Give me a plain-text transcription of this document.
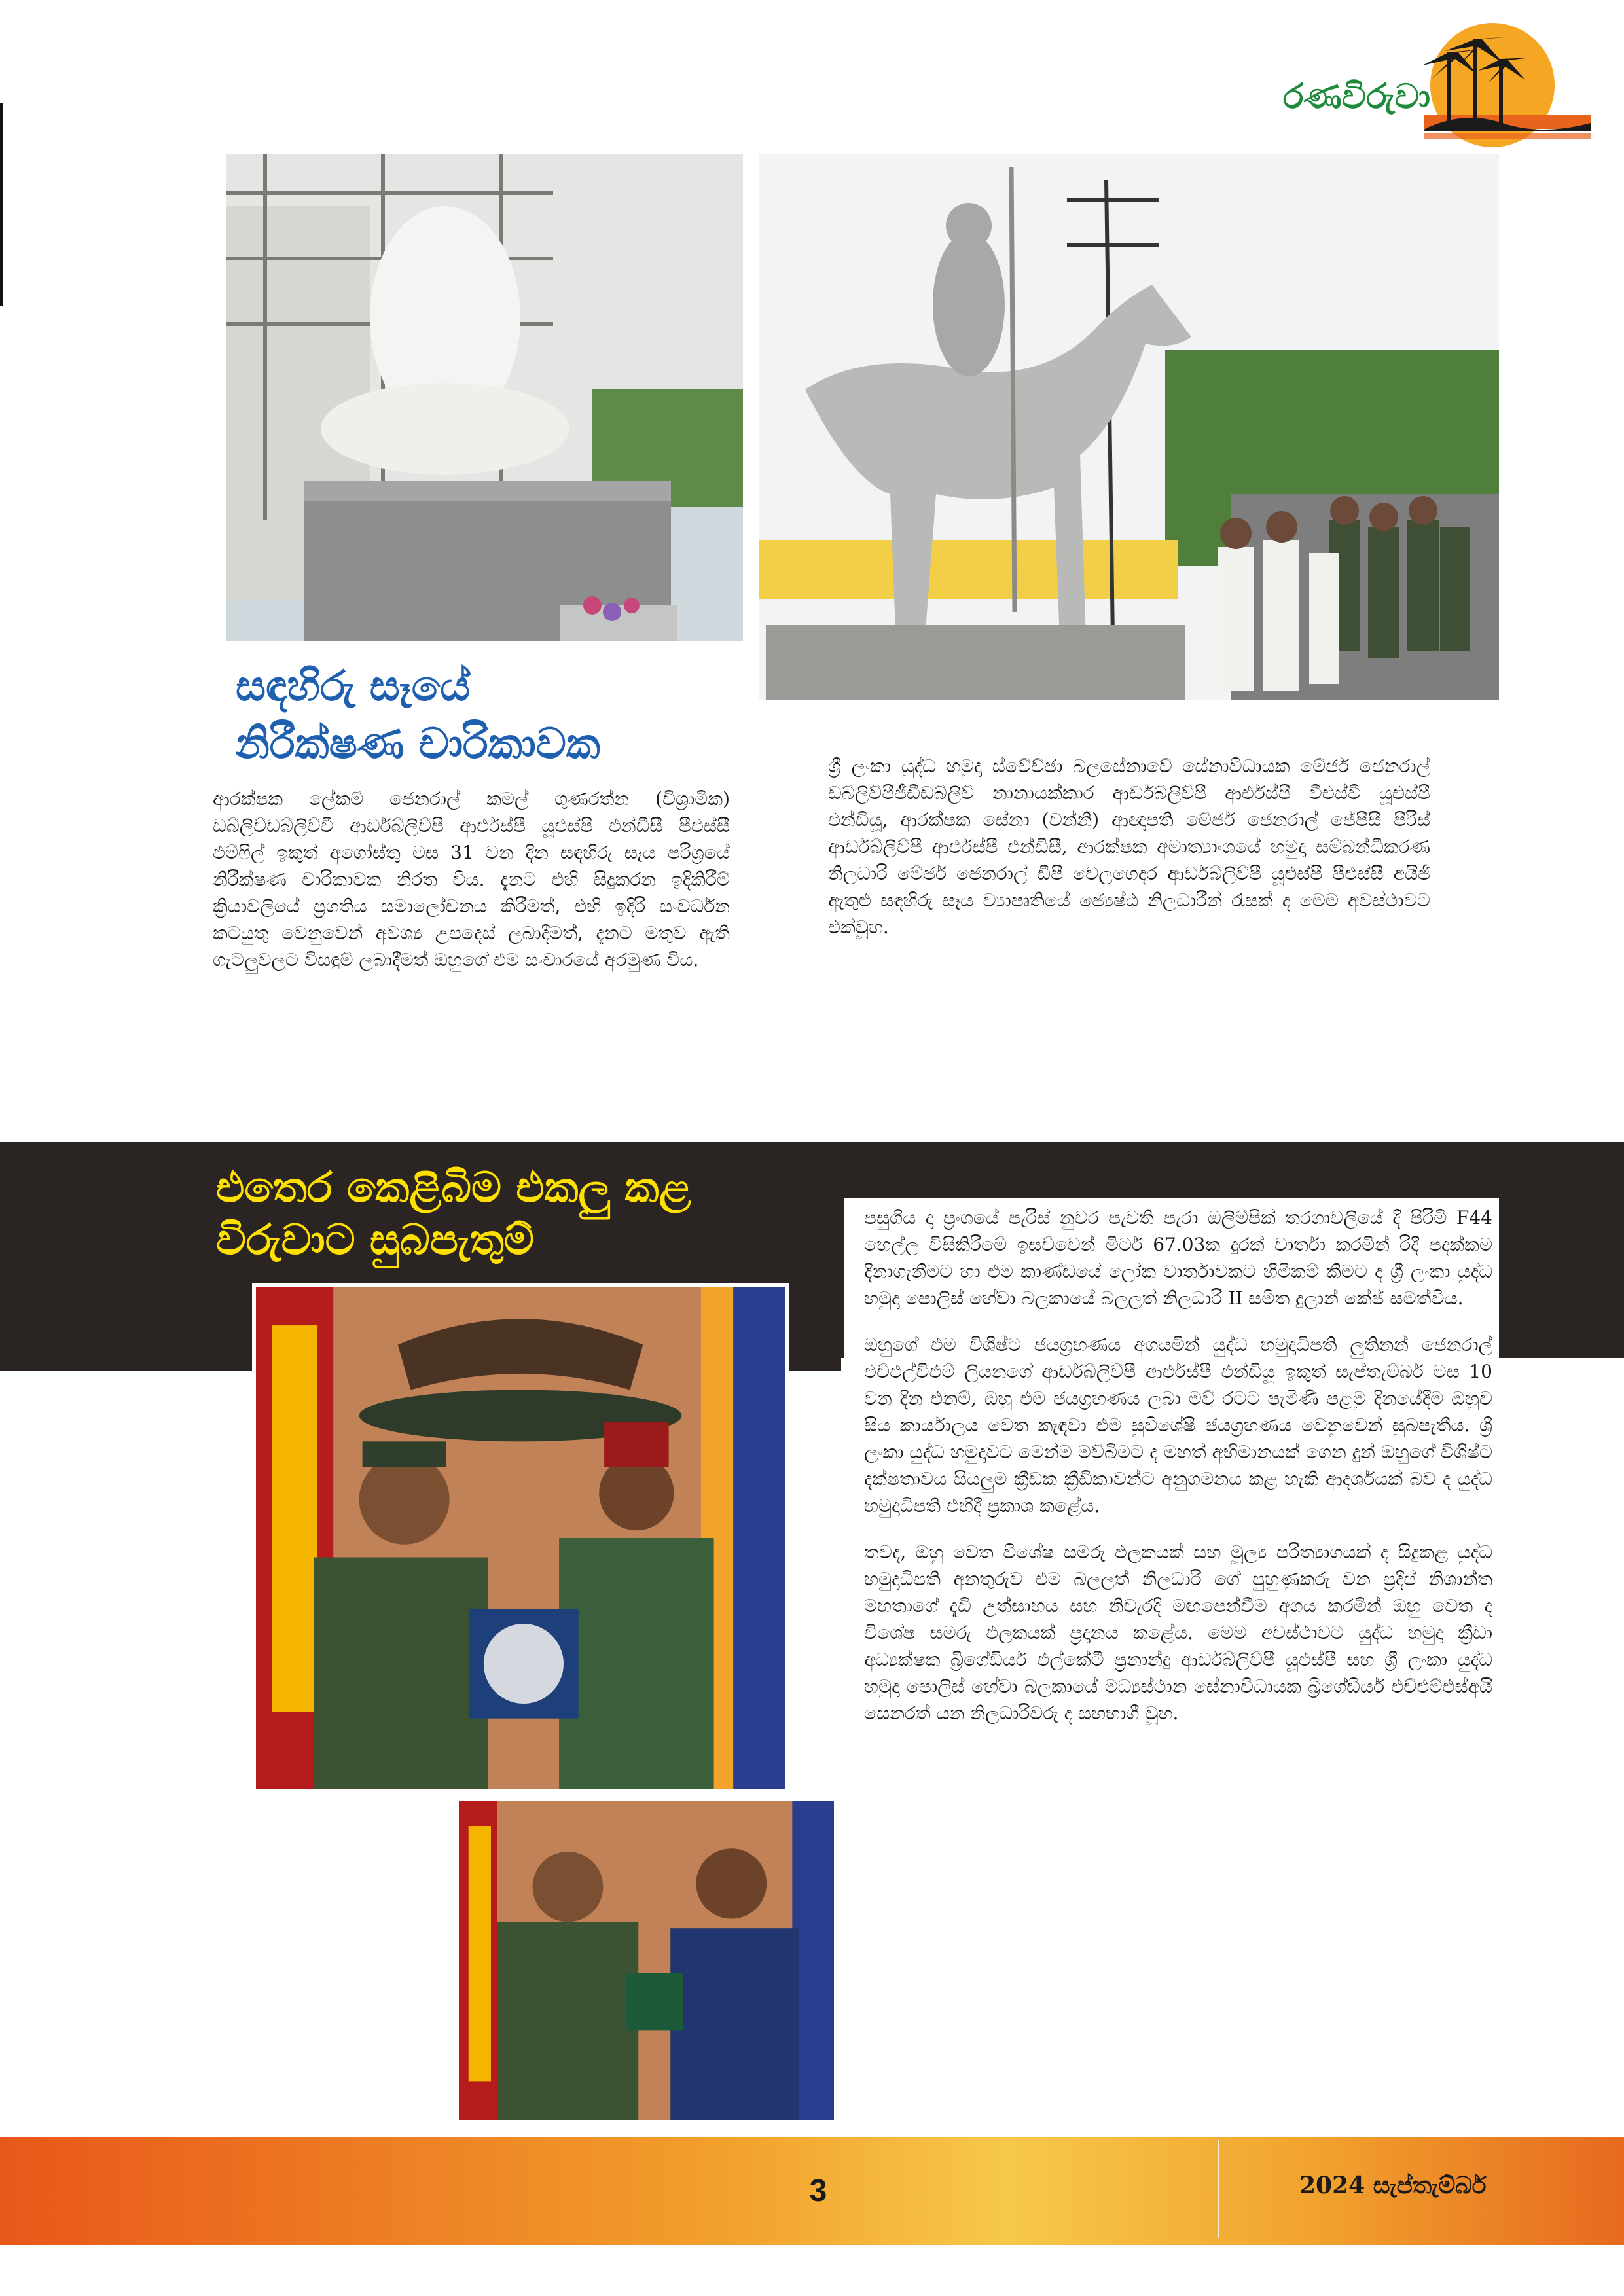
රණවිරුවා
සඳහිරු සෑයේ
නිරීක්ෂණ චාරිකාවක
ආරක්ෂක ලේකම් ජෙනරාල් කමල් ගුණරත්න (විශ්‍රාමික) ඩබ්ලිව්ඩබ්ලිව්වී ආර්ඩබ්ලිව්පී ආර්එස්පී යූඑස්පී එන්ඩීසී පීඑස්සී එම්ෆිල් ඉකුත් අගෝස්තු මස 31 වන දින සඳහිරු සෑය පරිශ්‍රයේ නිරීක්ෂණ චාරිකාවක නිරත විය. දැනට එහි සිදුකරන ඉදිකිරීම් ක්‍රියාවලියේ ප්‍රගතිය සමාලෝචනය කිරීමත්, එහි ඉදිරි සංවර්ධන කටයුතු වෙනුවෙන් අවශ්‍ය උපදෙස් ලබාදීමත්, දැනට මතුව ඇති ගැටලුවලට විසඳුම් ලබාදීමත් ඔහුගේ එම සංචාරයේ අරමුණ විය.
ශ්‍රී ලංකා යුද්ධ හමුදා ස්වේච්ඡා බලසේනාවේ සේනාවිධායක මේජර් ජෙනරාල් ඩබ්ලිව්පීජීඩීඩබ්ලිව් නානායක්කාර ආර්ඩබ්ලිව්පී ආර්එස්පී වීඑස්වී යූඑස්පී එන්ඩියූ, ආරක්ෂක සේනා (වන්නි) ආඥාපති මේජර් ජෙනරාල් ජේපීසී පීරිස් ආර්ඩබ්ලිව්පී ආර්එස්පී එන්ඩීසී, ආරක්ෂක අමාත්‍යාංශයේ හමුදා සම්බන්ධීකරණ නිලධාරි මේජර් ජෙනරාල් ඩීපී වෙලගෙදර ආර්ඩබ්ලිව්පී යූඑස්පී පීඑස්සී අයිජී ඇතුළු සඳහිරු සෑය ව්‍යාපෘතියේ ජ්‍යෙෂ්ඨ නිලධාරීන් රැසක් ද මෙම අවස්ථාවට එක්වූහ.
එතෙර කෙළිබිම එකලු කළ
විරුවාට සුබපැතුම්	පසුගිය දා ප්‍රංශයේ පැරිස් නුවර පැවති පැරා ඔලිම්පික් තරගාවලියේ දී පිරිමි F44 හෙල්ල විසිකිරීමේ ඉසව්වෙන් මීටර් 67.03ක දුරක් වාර්තා කරමින් රිදී පදක්කම දිනාගැනීමට හා එම කාණ්ඩයේ ලෝක වාර්තාවකට හිමිකම් කීමට ද ශ්‍රී ලංකා යුද්ධ හමුදා පොලිස් හේවා බලකායේ බලලත් නිලධාරි II සමිත දුලාන් කේජ් සමත්විය.

ඔහුගේ එම විශිෂ්ට ජයග්‍රහණය අගයමින් යුද්ධ හමුදාධිපති ලුතිනන් ජෙනරාල් එච්එල්වීඑම් ලියනගේ ආර්ඩබ්ලිව්පී ආර්එස්පී එන්ඩියූ ඉකුත් සැප්තැම්බර් මස 10 වන දින එනම්, ඔහු එම ජයග්‍රහණය ලබා මව් රටට පැමිණි පළමු දිනයේදීම ඔහුව සිය කාර්යාලය වෙත කැඳවා එම සුවිශේෂී ජයග්‍රහණය වෙනුවෙන් සුබපැතීය. ශ්‍රී ලංකා යුද්ධ හමුදාවට මෙන්ම මව්බිමට ද මහත් අභිමානයක් ගෙන දුන් ඔහුගේ විශිෂ්ට දක්ෂතාවය සියලුම ක්‍රීඩක ක්‍රීඩිකාවන්ට අනුගමනය කළ හැකි ආදර්ශයක් බව ද යුද්ධ හමුදාධිපති එහිදී ප්‍රකාශ කළේය.

තවද, ඔහු වෙත විශේෂ සමරු ඵලකයක් සහ මූල්‍ය පරිත්‍යාගයක් ද සිදුකළ යුද්ධ හමුදාධිපති අනතුරුව එම බලලත් නිලධාරි ගේ පුහුණුකරු වන ප්‍රදීප් නිශාන්ත මහතාගේ දැඩි උත්සාහය සහ නිවැරදි මඟපෙන්වීම අගය කරමින් ඔහු වෙත ද විශේෂ සමරු ඵලකයක් ප්‍රදානය කළේය. මෙම අවස්ථාවට යුද්ධ හමුදා ක්‍රීඩා අධ්‍යක්ෂක බ්‍රිගේඩියර් එල්කේටී ප්‍රනාන්දු ආර්ඩබ්ලිව්පී යූඑස්පී සහ ශ්‍රී ලංකා යුද්ධ හමුදා පොලිස් හේවා බලකායේ මධ්‍යස්ථාන සේනාවිධායක බ්‍රිගේඩියර් එච්එම්එස්අයි සෙනරත් යන නිලධාරිවරු ද සහභාගී වූහ.

3	2024 සැප්තැම්බර්
